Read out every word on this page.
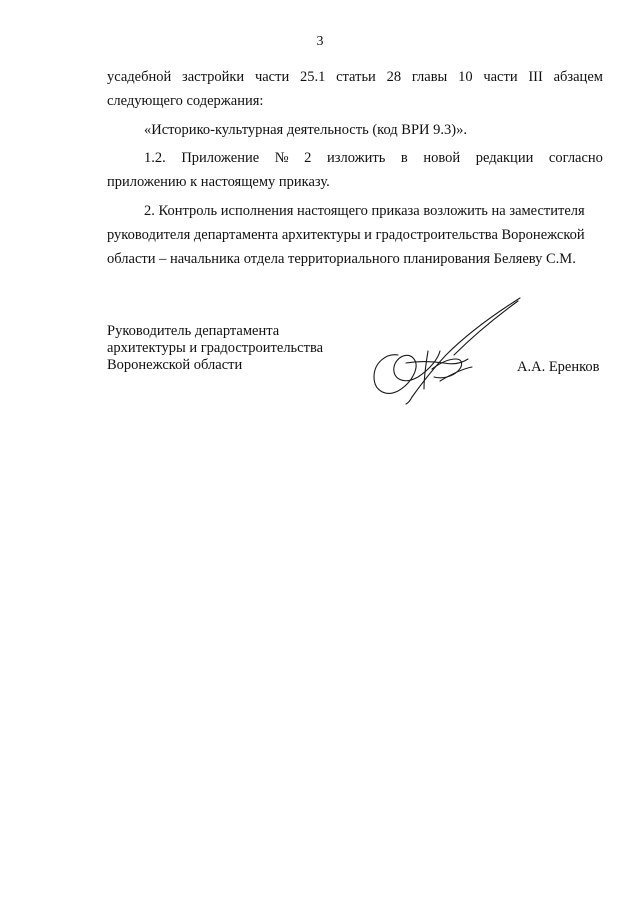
3
усадебной застройки части 25.1 статьи 28 главы 10 части III абзацем
следующего содержания:
«Историко-культурная деятельность (код ВРИ 9.3)».
1.2. Приложение № 2 изложить в новой редакции согласно
приложению к настоящему приказу.
2. Контроль исполнения настоящего приказа возложить на заместителя
руководителя департамента архитектуры и градостроительства Воронежской
области – начальника отдела территориального планирования Беляеву С.М.
Руководитель департамента
архитектуры и градостроительства
Воронежской области	А.А. Еренков
